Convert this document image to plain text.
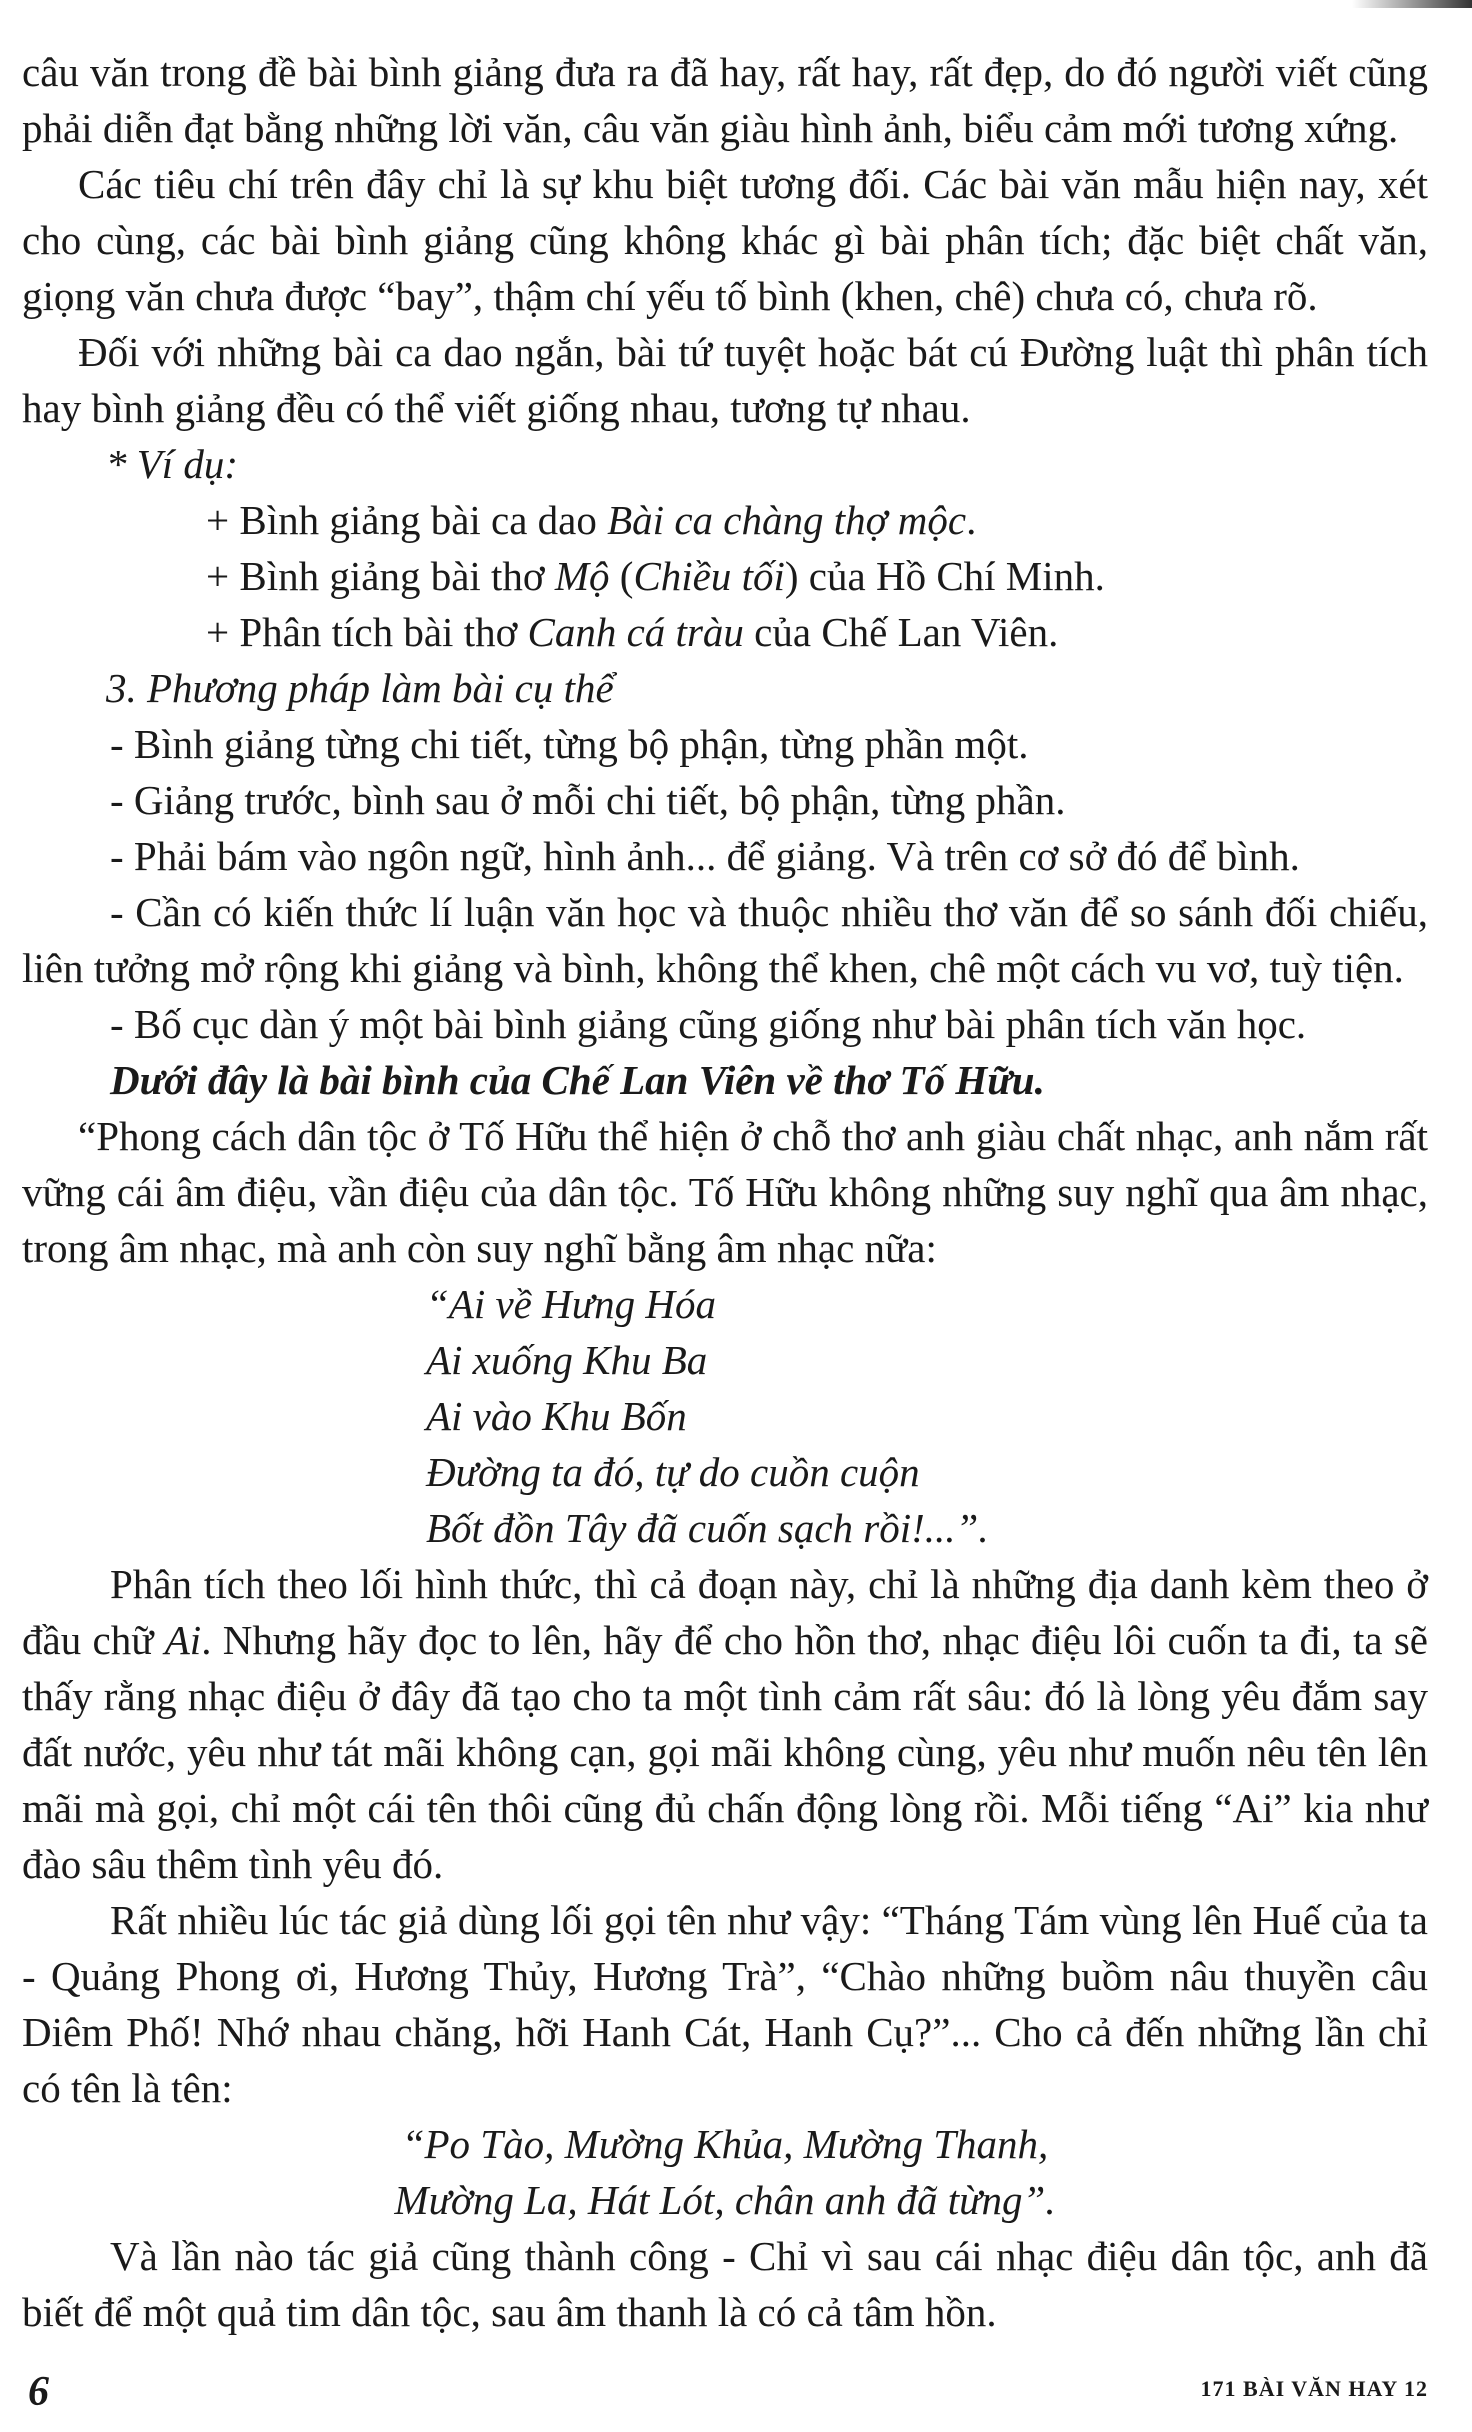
câu văn trong đề bài bình giảng đưa ra đã hay, rất hay, rất đẹp, do đó người viết cũng phải diễn đạt bằng những lời văn, câu văn giàu hình ảnh, biểu cảm mới tương xứng.

Các tiêu chí trên đây chỉ là sự khu biệt tương đối. Các bài văn mẫu hiện nay, xét cho cùng, các bài bình giảng cũng không khác gì bài phân tích; đặc biệt chất văn, giọng văn chưa được “bay”, thậm chí yếu tố bình (khen, chê) chưa có, chưa rõ.

Đối với những bài ca dao ngắn, bài tứ tuyệt hoặc bát cú Đường luật thì phân tích hay bình giảng đều có thể viết giống nhau, tương tự nhau.

* Ví dụ:

+ Bình giảng bài ca dao Bài ca chàng thợ mộc.

+ Bình giảng bài thơ Mộ (Chiều tối) của Hồ Chí Minh.

+ Phân tích bài thơ Canh cá tràu của Chế Lan Viên.

3. Phương pháp làm bài cụ thể

- Bình giảng từng chi tiết, từng bộ phận, từng phần một.

- Giảng trước, bình sau ở mỗi chi tiết, bộ phận, từng phần.

- Phải bám vào ngôn ngữ, hình ảnh... để giảng. Và trên cơ sở đó để bình.

- Cần có kiến thức lí luận văn học và thuộc nhiều thơ văn để so sánh đối chiếu, liên tưởng mở rộng khi giảng và bình, không thể khen, chê một cách vu vơ, tuỳ tiện.

- Bố cục dàn ý một bài bình giảng cũng giống như bài phân tích văn học.

Dưới đây là bài bình của Chế Lan Viên về thơ Tố Hữu.

“Phong cách dân tộc ở Tố Hữu thể hiện ở chỗ thơ anh giàu chất nhạc, anh nắm rất vững cái âm điệu, vần điệu của dân tộc. Tố Hữu không những suy nghĩ qua âm nhạc, trong âm nhạc, mà anh còn suy nghĩ bằng âm nhạc nữa:

“Ai về Hưng Hóa
Ai xuống Khu Ba
Ai vào Khu Bốn
Đường ta đó, tự do cuồn cuộn
Bốt đồn Tây đã cuốn sạch rồi!...”.

Phân tích theo lối hình thức, thì cả đoạn này, chỉ là những địa danh kèm theo ở đầu chữ Ai. Nhưng hãy đọc to lên, hãy để cho hồn thơ, nhạc điệu lôi cuốn ta đi, ta sẽ thấy rằng nhạc điệu ở đây đã tạo cho ta một tình cảm rất sâu: đó là lòng yêu đắm say đất nước, yêu như tát mãi không cạn, gọi mãi không cùng, yêu như muốn nêu tên lên mãi mà gọi, chỉ một cái tên thôi cũng đủ chấn động lòng rồi. Mỗi tiếng “Ai” kia như đào sâu thêm tình yêu đó.

Rất nhiều lúc tác giả dùng lối gọi tên như vậy: “Tháng Tám vùng lên Huế của ta - Quảng Phong ơi, Hương Thủy, Hương Trà”, “Chào những buồm nâu thuyền câu Diêm Phố! Nhớ nhau chăng, hỡi Hanh Cát, Hanh Cụ?”... Cho cả đến những lần chỉ có tên là tên:

“Po Tào, Mường Khủa, Mường Thanh,
Mường La, Hát Lót, chân anh đã từng”.

Và lần nào tác giả cũng thành công - Chỉ vì sau cái nhạc điệu dân tộc, anh đã biết để một quả tim dân tộc, sau âm thanh là có cả tâm hồn.

6	171 BÀI VĂN HAY 12
